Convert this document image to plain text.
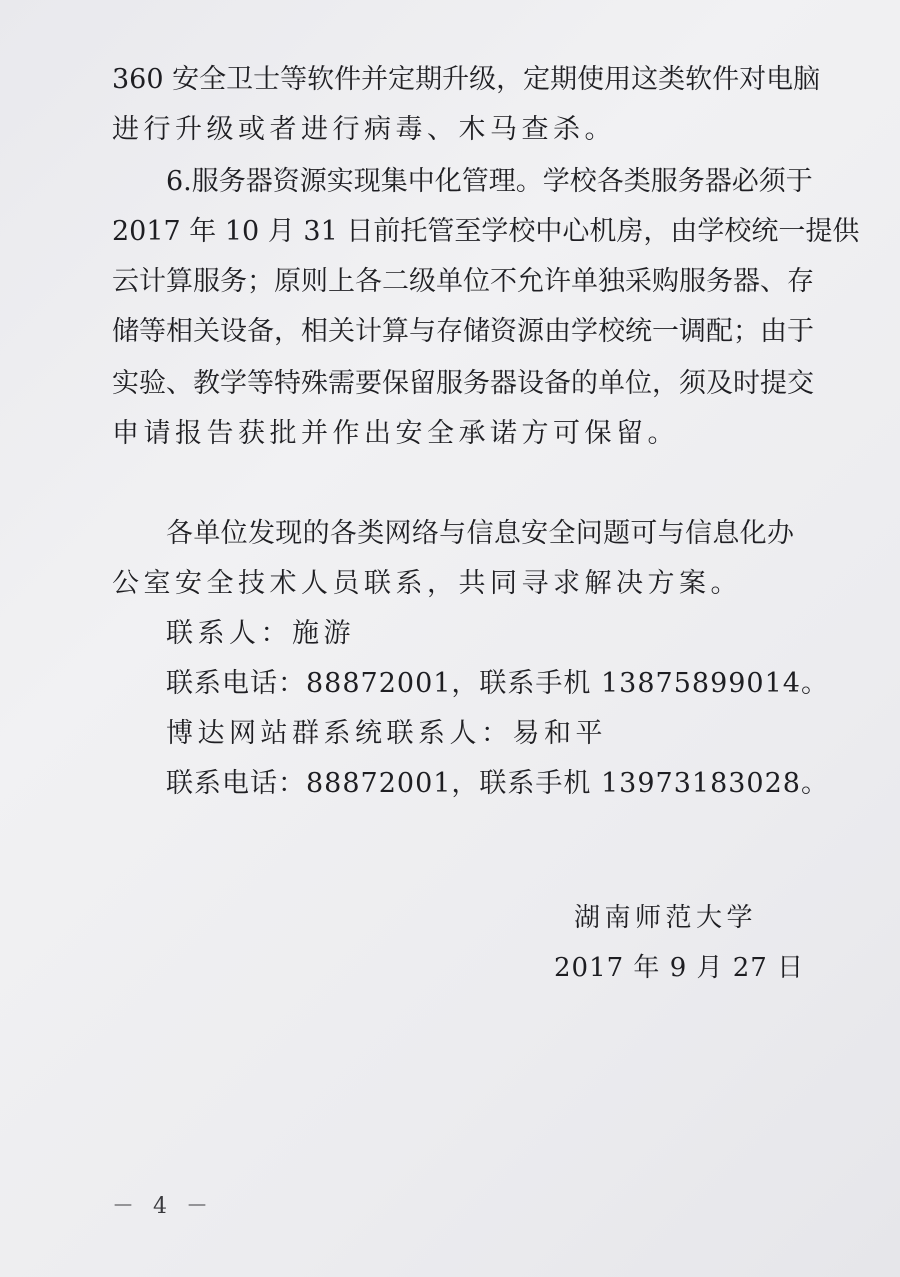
360 安全卫士等软件并定期升级，定期使用这类软件对电脑
进行升级或者进行病毒、木马查杀。
6.服务器资源实现集中化管理。学校各类服务器必须于
2017 年 10 月 31 日前托管至学校中心机房，由学校统一提供
云计算服务；原则上各二级单位不允许单独采购服务器、存
储等相关设备，相关计算与存储资源由学校统一调配；由于
实验、教学等特殊需要保留服务器设备的单位，须及时提交
申请报告获批并作出安全承诺方可保留。
各单位发现的各类网络与信息安全问题可与信息化办
公室安全技术人员联系，共同寻求解决方案。
联系人：施游
联系电话：88872001，联系手机 13875899014。
博达网站群系统联系人：易和平
联系电话：88872001，联系手机 13973183028。
湖南师范大学
2017 年 9 月 27 日
－ 4 －
